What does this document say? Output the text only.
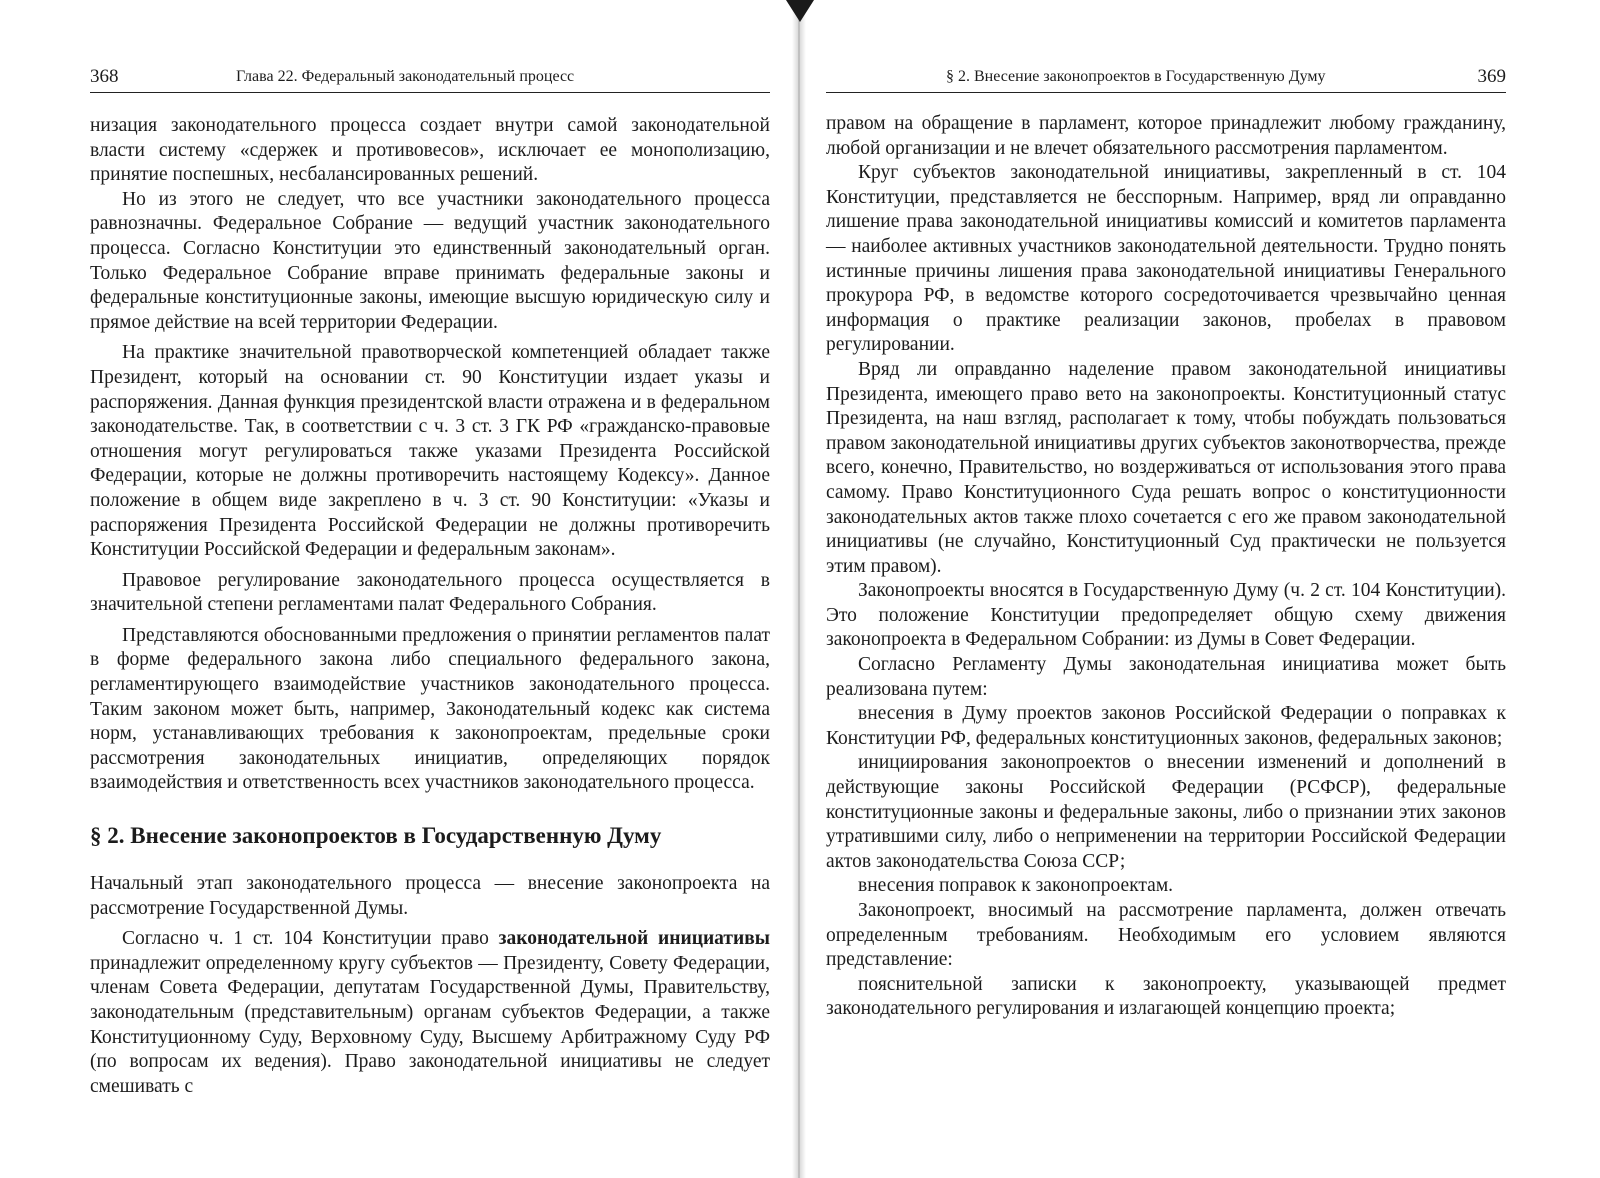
368	Глава 22. Федеральный законодательный процесс

низация законодательного процесса создает внутри самой законодательной власти систему «сдержек и противовесов», исключает ее монополизацию, принятие поспешных, несбалансированных решений.

Но из этого не следует, что все участники законодательного процесса равнозначны. Федеральное Собрание — ведущий участник законодательного процесса. Согласно Конституции это единственный законодательный орган. Только Федеральное Собрание вправе принимать федеральные законы и федеральные конституционные законы, имеющие высшую юридическую силу и прямое действие на всей территории Федерации.

На практике значительной правотворческой компетенцией обладает также Президент, который на основании ст. 90 Конституции издает указы и распоряжения. Данная функция президентской власти отражена и в федеральном законодательстве. Так, в соответствии с ч. 3 ст. 3 ГК РФ «гражданско-правовые отношения могут регулироваться также указами Президента Российской Федерации, которые не должны противоречить настоящему Кодексу». Данное положение в общем виде закреплено в ч. 3 ст. 90 Конституции: «Указы и распоряжения Президента Российской Федерации не должны противоречить Конституции Российской Федерации и федеральным законам».

Правовое регулирование законодательного процесса осуществляется в значительной степени регламентами палат Федерального Собрания.

Представляются обоснованными предложения о принятии регламентов палат в форме федерального закона либо специального федерального закона, регламентирующего взаимодействие участников законодательного процесса. Таким законом может быть, например, Законодательный кодекс как система норм, устанавливающих требования к законопроектам, предельные сроки рассмотрения законодательных инициатив, определяющих порядок взаимодействия и ответственность всех участников законодательного процесса.

§ 2. Внесение законопроектов в Государственную Думу

Начальный этап законодательного процесса — внесение законопроекта на рассмотрение Государственной Думы.

Согласно ч. 1 ст. 104 Конституции право законодательной инициативы принадлежит определенному кругу субъектов — Президенту, Совету Федерации, членам Совета Федерации, депутатам Государственной Думы, Правительству, законодательным (представительным) органам субъектов Федерации, а также Конституционному Суду, Верховному Суду, Высшему Арбитражному Суду РФ (по вопросам их ведения). Право законодательной инициативы не следует смешивать с

§ 2. Внесение законопроектов в Государственную Думу	369

правом на обращение в парламент, которое принадлежит любому гражданину, любой организации и не влечет обязательного рассмотрения парламентом.

Круг субъектов законодательной инициативы, закрепленный в ст. 104 Конституции, представляется не бесспорным. Например, вряд ли оправданно лишение права законодательной инициативы комиссий и комитетов парламента — наиболее активных участников законодательной деятельности. Трудно понять истинные причины лишения права законодательной инициативы Генерального прокурора РФ, в ведомстве которого сосредоточивается чрезвычайно ценная информация о практике реализации законов, пробелах в правовом регулировании.

Вряд ли оправданно наделение правом законодательной инициативы Президента, имеющего право вето на законопроекты. Конституционный статус Президента, на наш взгляд, располагает к тому, чтобы побуждать пользоваться правом законодательной инициативы других субъектов законотворчества, прежде всего, конечно, Правительство, но воздерживаться от использования этого права самому. Право Конституционного Суда решать вопрос о конституционности законодательных актов также плохо сочетается с его же правом законодательной инициативы (не случайно, Конституционный Суд практически не пользуется этим правом).

Законопроекты вносятся в Государственную Думу (ч. 2 ст. 104 Конституции). Это положение Конституции предопределяет общую схему движения законопроекта в Федеральном Собрании: из Думы в Совет Федерации.

Согласно Регламенту Думы законодательная инициатива может быть реализована путем:

внесения в Думу проектов законов Российской Федерации о поправках к Конституции РФ, федеральных конституционных законов, федеральных законов;

инициирования законопроектов о внесении изменений и дополнений в действующие законы Российской Федерации (РСФСР), федеральные конституционные законы и федеральные законы, либо о признании этих законов утратившими силу, либо о неприменении на территории Российской Федерации актов законодательства Союза ССР;

внесения поправок к законопроектам.

Законопроект, вносимый на рассмотрение парламента, должен отвечать определенным требованиям. Необходимым его условием являются представление:

пояснительной записки к законопроекту, указывающей предмет законодательного регулирования и излагающей концепцию проекта;
